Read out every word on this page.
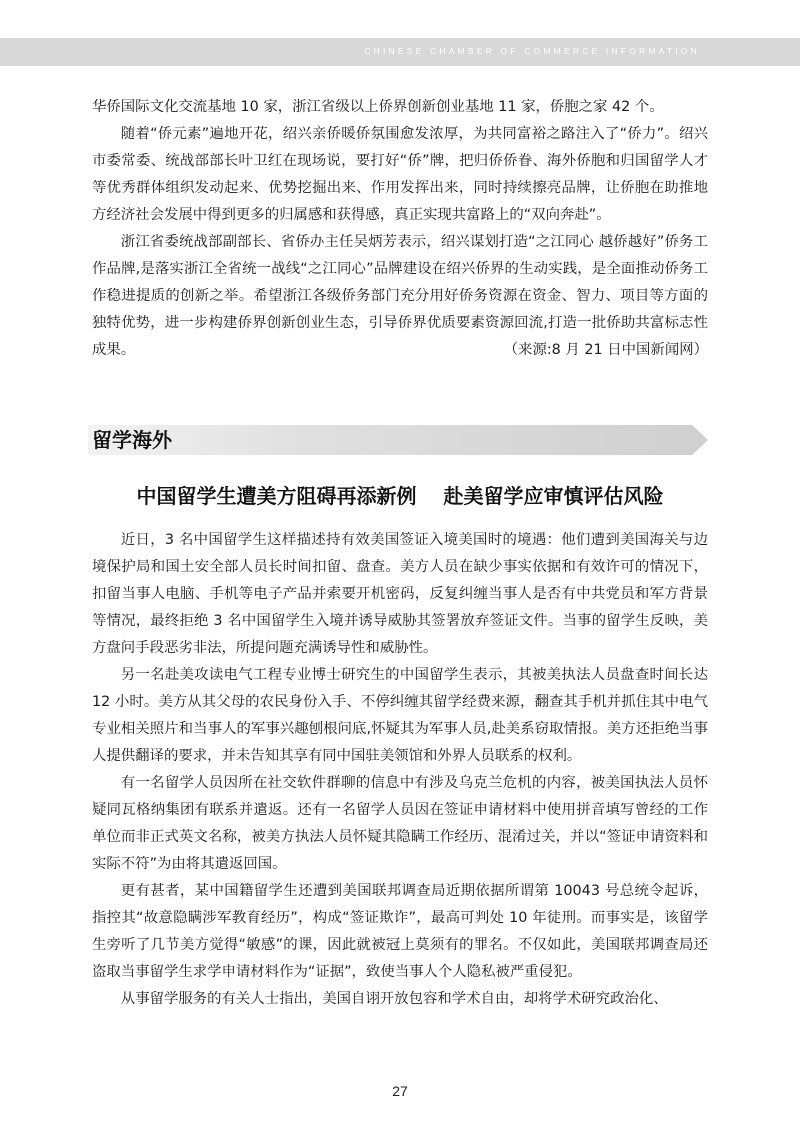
CHINESE CHAMBER OF COMMERCE INFORMATION

华侨国际文化交流基地 10 家，浙江省级以上侨界创新创业基地 11 家，侨胞之家 42 个。

随着“侨元素”遍地开花，绍兴亲侨暖侨氛围愈发浓厚，为共同富裕之路注入了“侨力”。绍兴市委常委、统战部部长叶卫红在现场说，要打好“侨”牌，把归侨侨眷、海外侨胞和归国留学人才等优秀群体组织发动起来、优势挖掘出来、作用发挥出来，同时持续擦亮品牌，让侨胞在助推地方经济社会发展中得到更多的归属感和获得感，真正实现共富路上的“双向奔赴”。

浙江省委统战部副部长、省侨办主任吴炳芳表示，绍兴谋划打造“之江同心 越侨越好”侨务工作品牌,是落实浙江全省统一战线“之江同心”品牌建设在绍兴侨界的生动实践，是全面推动侨务工作稳进提质的创新之举。希望浙江各级侨务部门充分用好侨务资源在资金、智力、项目等方面的独特优势，进一步构建侨界创新创业生态，引导侨界优质要素资源回流,打造一批侨助共富标志性成果。	（来源:8 月 21 日中国新闻网）

留学海外
中国留学生遭美方阻碍再添新例　 赴美留学应审慎评估风险

近日，3 名中国留学生这样描述持有效美国签证入境美国时的境遇：他们遭到美国海关与边境保护局和国土安全部人员长时间扣留、盘查。美方人员在缺少事实依据和有效许可的情况下，扣留当事人电脑、手机等电子产品并索要开机密码，反复纠缠当事人是否有中共党员和军方背景等情况，最终拒绝 3 名中国留学生入境并诱导威胁其签署放弃签证文件。当事的留学生反映，美方盘问手段恶劣非法，所提问题充满诱导性和威胁性。

另一名赴美攻读电气工程专业博士研究生的中国留学生表示，其被美执法人员盘查时间长达 12 小时。美方从其父母的农民身份入手、不停纠缠其留学经费来源，翻查其手机并抓住其中电气专业相关照片和当事人的军事兴趣刨根问底,怀疑其为军事人员,赴美系窃取情报。美方还拒绝当事人提供翻译的要求，并未告知其享有同中国驻美领馆和外界人员联系的权利。

有一名留学人员因所在社交软件群聊的信息中有涉及乌克兰危机的内容，被美国执法人员怀疑同瓦格纳集团有联系并遣返。还有一名留学人员因在签证申请材料中使用拼音填写曾经的工作单位而非正式英文名称，被美方执法人员怀疑其隐瞒工作经历、混淆过关，并以“签证申请资料和实际不符”为由将其遣返回国。

更有甚者，某中国籍留学生还遭到美国联邦调查局近期依据所谓第 10043 号总统令起诉，指控其“故意隐瞒涉军教育经历”，构成“签证欺诈”，最高可判处 10 年徒刑。而事实是，该留学生旁听了几节美方觉得“敏感”的课，因此就被冠上莫须有的罪名。不仅如此，美国联邦调查局还盗取当事留学生求学申请材料作为“证据”，致使当事人个人隐私被严重侵犯。

从事留学服务的有关人士指出，美国自诩开放包容和学术自由，却将学术研究政治化、

27
